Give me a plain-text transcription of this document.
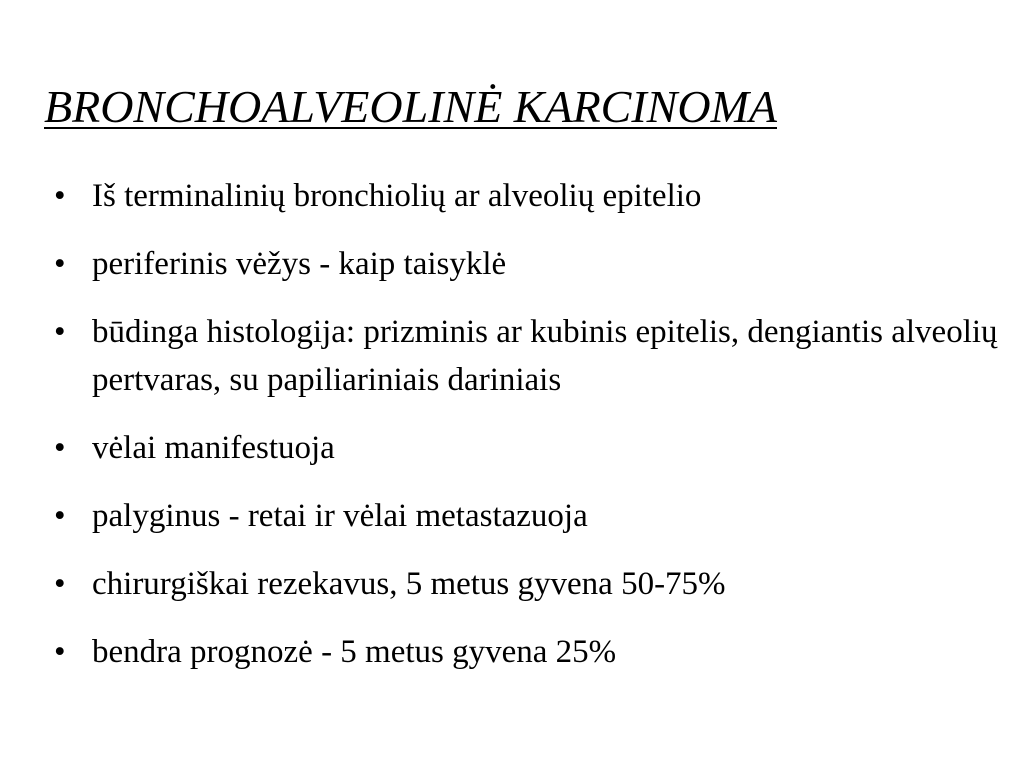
BRONCHOALVEOLINĖ KARCINOMA
• Iš terminalinių bronchiolių ar alveolių epitelio
• periferinis vėžys - kaip taisyklė
• būdinga histologija: prizminis ar kubinis epitelis, dengiantis alveolių pertvaras, su papiliariniais dariniais
• vėlai manifestuoja
• palyginus - retai ir vėlai metastazuoja
• chirurgiškai rezekavus, 5 metus gyvena 50-75%
• bendra prognozė - 5 metus gyvena 25%
